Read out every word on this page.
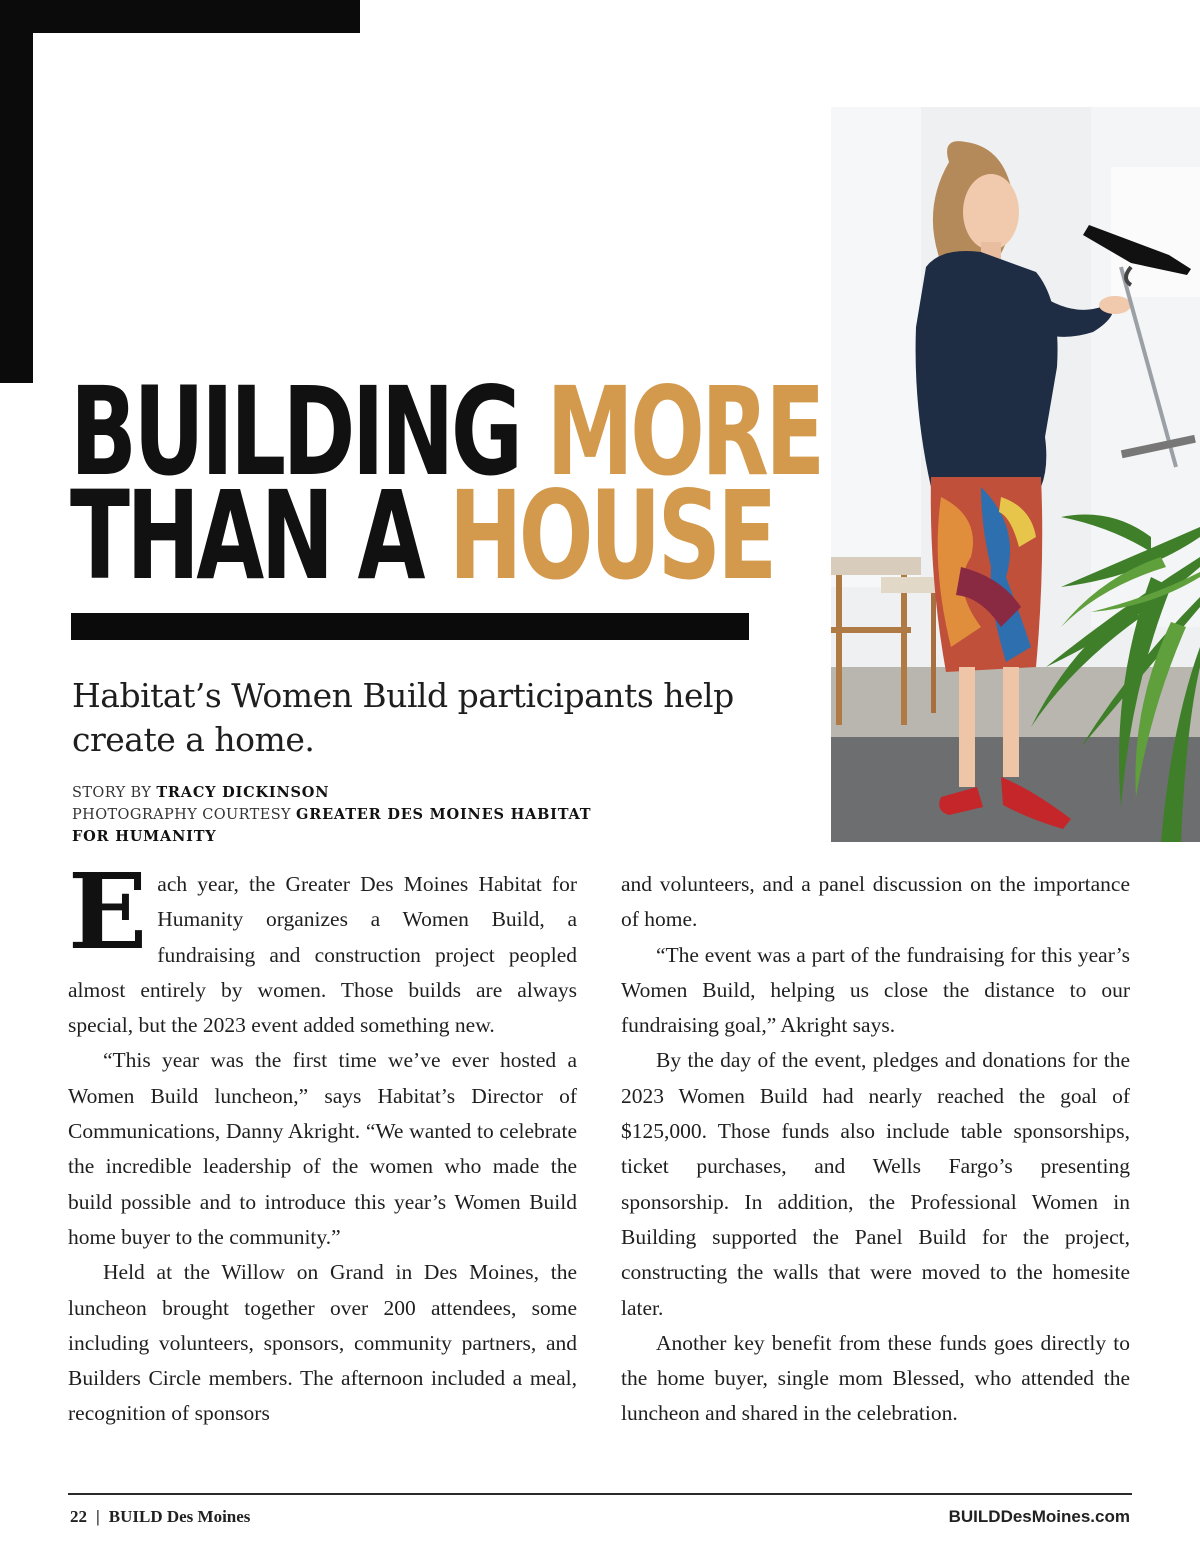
BUILDING MORE
THAN A HOUSE

Habitat’s Women Build participants help create a home.

STORY BY TRACY DICKINSON
PHOTOGRAPHY COURTESY GREATER DES MOINES HABITAT FOR HUMANITY

Each year, the Greater Des Moines Habitat for Humanity organizes a Women Build, a fundraising and construction project peopled almost entirely by women. Those builds are always special, but the 2023 event added something new.

“This year was the first time we’ve ever hosted a Women Build luncheon,” says Habitat’s Director of Communications, Danny Akright. “We wanted to celebrate the incredible leadership of the women who made the build possible and to introduce this year’s Women Build home buyer to the community.”

Held at the Willow on Grand in Des Moines, the luncheon brought together over 200 attendees, some including volunteers, sponsors, community partners, and Builders Circle members. The afternoon included a meal, recognition of sponsors

and volunteers, and a panel discussion on the importance of home.

“The event was a part of the fundraising for this year’s Women Build, helping us close the distance to our fundraising goal,” Akright says.

By the day of the event, pledges and donations for the 2023 Women Build had nearly reached the goal of $125,000. Those funds also include table sponsorships, ticket purchases, and Wells Fargo’s presenting sponsorship. In addition, the Professional Women in Building supported the Panel Build for the project, constructing the walls that were moved to the homesite later.

Another key benefit from these funds goes directly to the home buyer, single mom Blessed, who attended the luncheon and shared in the celebration.

22 | BUILD Des Moines	BUILDDesMoines.com
